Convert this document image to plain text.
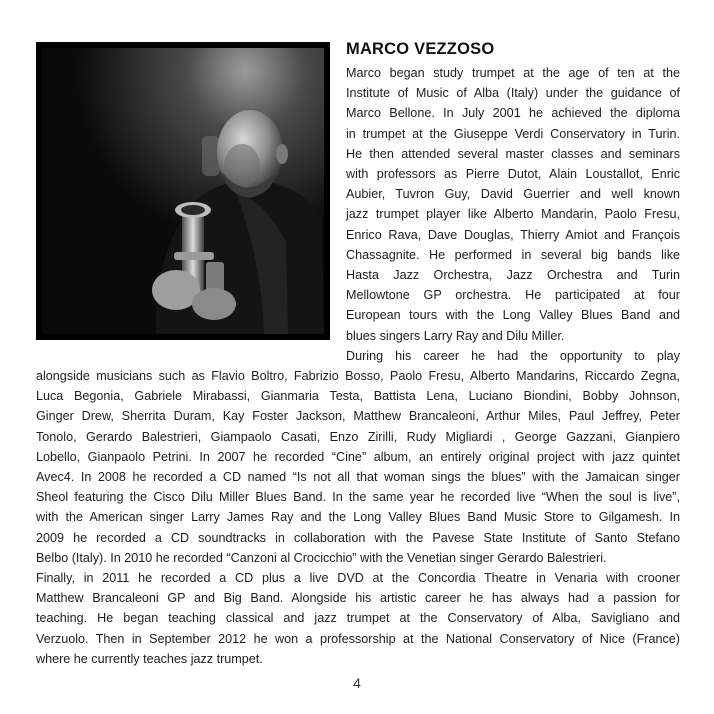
MARCO VEZZOSO
Marco began study trumpet at the age of ten at the
Institute of Music of Alba (Italy) under the guidance of
Marco Bellone. In July 2001 he achieved the diploma
in trumpet at the Giuseppe Verdi Conservatory in Turin.
He then attended several master classes and seminars
with professors as Pierre Dutot, Alain Loustallot, Enric
Aubier, Tuvron Guy, David Guerrier and well known
jazz trumpet player like Alberto Mandarin, Paolo Fresu,
Enrico Rava, Dave Douglas, Thierry Amiot and François
Chassagnite. He performed in several big bands like
Hasta Jazz Orchestra, Jazz Orchestra and Turin
Mellowtone GP orchestra. He participated at four
European tours with the Long Valley Blues Band and
blues singers Larry Ray and Dilu Miller.
During his career he had the opportunity to play
alongside musicians such as Flavio Boltro, Fabrizio Bosso, Paolo Fresu, Alberto Mandarins, Riccardo Zegna,
Luca Begonia, Gabriele Mirabassi, Gianmaria Testa, Battista Lena, Luciano Biondini, Bobby Johnson,
Ginger Drew, Sherrita Duram, Kay Foster Jackson, Matthew Brancaleoni, Arthur Miles, Paul Jeffrey, Peter
Tonolo, Gerardo Balestrieri, Giampaolo Casati, Enzo Zirilli, Rudy Migliardi , George Gazzani, Gianpiero
Lobello, Gianpaolo Petrini. In 2007 he recorded “Cine” album, an entirely original project with jazz quintet
Avec4. In 2008 he recorded a CD named “Is not all that woman sings the blues” with the Jamaican singer
Sheol featuring the Cisco Dilu Miller Blues Band. In the same year he recorded live “When the soul is live”,
with the American singer Larry James Ray and the Long Valley Blues Band Music Store to Gilgamesh. In
2009 he recorded a CD soundtracks in collaboration with the Pavese State Institute of Santo Stefano
Belbo (Italy). In 2010 he recorded “Canzoni al Crocicchio” with the Venetian singer Gerardo Balestrieri.
Finally, in 2011 he recorded a CD plus a live DVD at the Concordia Theatre in Venaria with crooner
Matthew Brancaleoni GP and Big Band. Alongside his artistic career he has always had a passion for
teaching. He began teaching classical and jazz trumpet at the Conservatory of Alba, Savigliano and
Verzuolo. Then in September 2012 he won a professorship at the National Conservatory of Nice (France)
where he currently teaches jazz trumpet.
4
